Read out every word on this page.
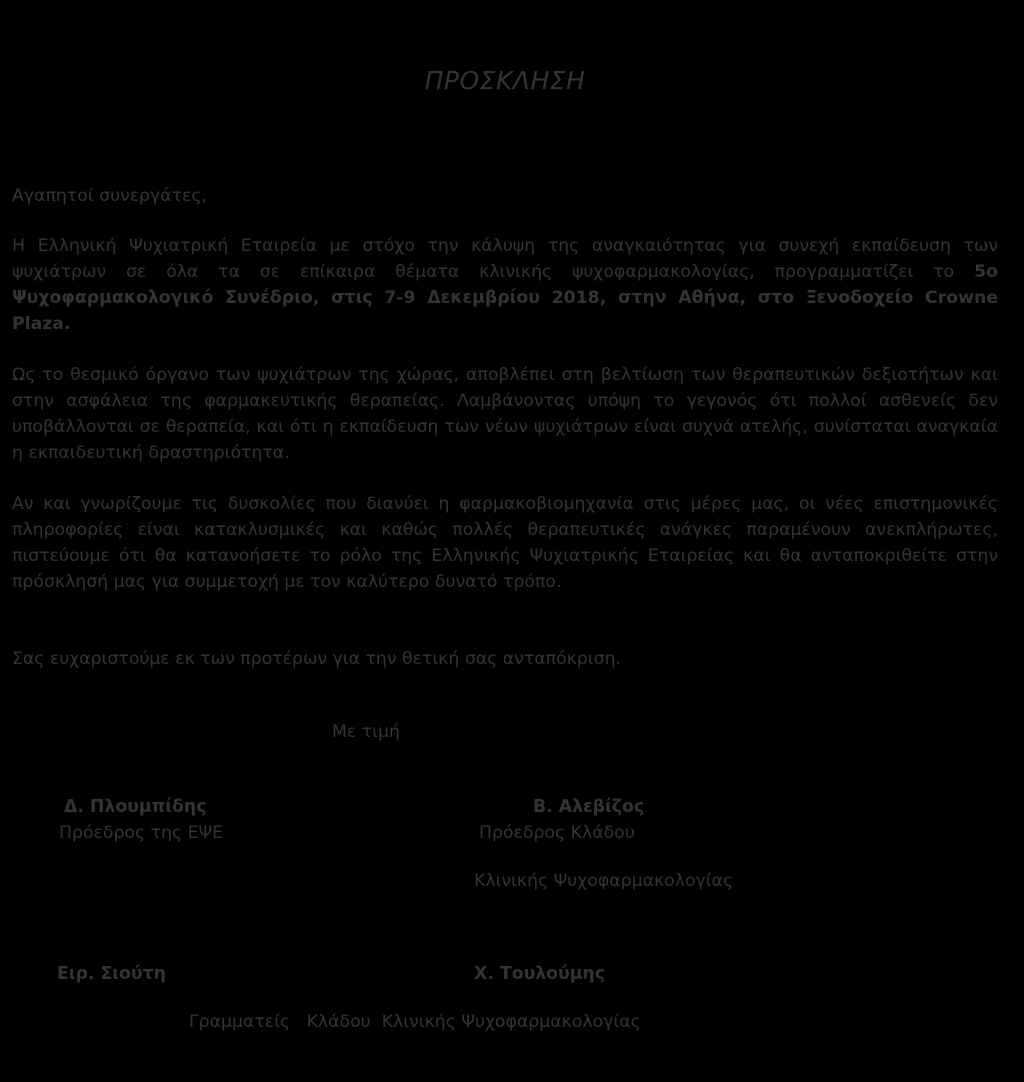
ΠΡΟΣΚΛΗΣΗ
Αγαπητοί συνεργάτες,
Η Ελληνική Ψυχιατρική Εταιρεία με στόχο την κάλυψη της αναγκαιότητας για συνεχή εκπαίδευση των ψυχιάτρων σε όλα τα σε επίκαιρα θέματα κλινικής ψυχοφαρμακολογίας, προγραμματίζει το 5ο Ψυχοφαρμακολογικό Συνέδριο, στις 7-9 Δεκεμβρίου 2018, στην Αθήνα, στο Ξενοδοχείο Crowne Plaza.
Ως το θεσμικό όργανο των ψυχιάτρων της χώρας, αποβλέπει στη βελτίωση των θεραπευτικών δεξιοτήτων και στην ασφάλεια της φαρμακευτικής θεραπείας. Λαμβάνοντας υπόψη το γεγονός ότι πολλοί ασθενείς δεν υποβάλλονται σε θεραπεία, και ότι η εκπαίδευση των νέων ψυχιάτρων είναι συχνά ατελής, συνίσταται αναγκαία η εκπαιδευτική δραστηριότητα.
Αν και γνωρίζουμε τις δυσκολίες που διανύει η φαρμακοβιομηχανία στις μέρες μας, οι νέες επιστημονικές πληροφορίες είναι κατακλυσμικές και καθώς πολλές θεραπευτικές ανάγκες παραμένουν ανεκπλήρωτες, πιστεύουμε ότι θα κατανοήσετε το ρόλο της Ελληνικής Ψυχιατρικής Εταιρείας και θα ανταποκριθείτε στην πρόσκλησή μας για συμμετοχή με τον καλύτερο δυνατό τρόπο.
Σας ευχαριστούμε εκ των προτέρων για την θετική σας ανταπόκριση.
Με τιμή
Δ. Πλουμπίδης
Πρόεδρος της ΕΨΕ
Β. Αλεβίζος
Πρόεδρος Κλάδου
Κλινικής Ψυχοφαρμακολογίας
Ειρ. Σιούτη	Χ. Τουλούμης
Γραμματείς   Κλάδου  Κλινικής Ψυχοφαρμακολογίας
